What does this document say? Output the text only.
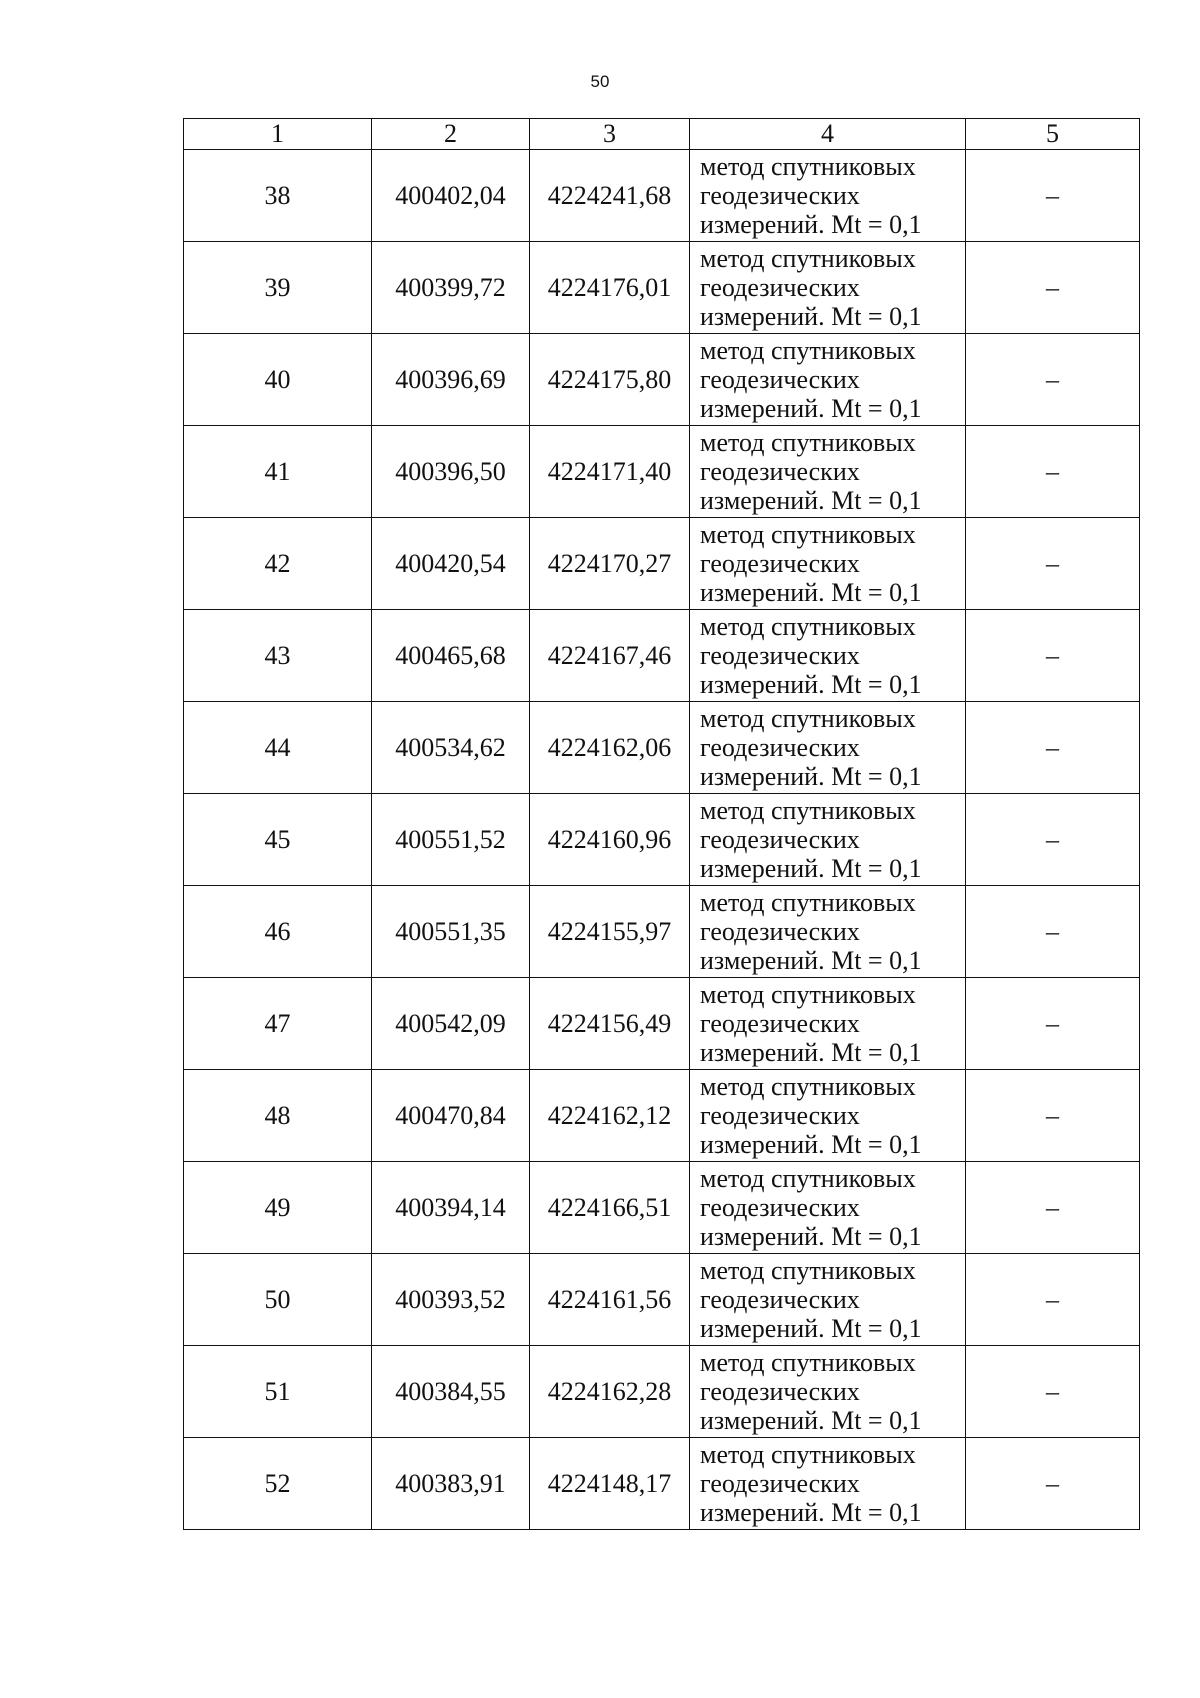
50
1	2	3	4	5
38	400402,04	4224241,68	метод спутниковых
геодезических
измерений. Mt = 0,1	–
39	400399,72	4224176,01	метод спутниковых
геодезических
измерений. Mt = 0,1	–
40	400396,69	4224175,80	метод спутниковых
геодезических
измерений. Mt = 0,1	–
41	400396,50	4224171,40	метод спутниковых
геодезических
измерений. Mt = 0,1	–
42	400420,54	4224170,27	метод спутниковых
геодезических
измерений. Mt = 0,1	–
43	400465,68	4224167,46	метод спутниковых
геодезических
измерений. Mt = 0,1	–
44	400534,62	4224162,06	метод спутниковых
геодезических
измерений. Mt = 0,1	–
45	400551,52	4224160,96	метод спутниковых
геодезических
измерений. Mt = 0,1	–
46	400551,35	4224155,97	метод спутниковых
геодезических
измерений. Mt = 0,1	–
47	400542,09	4224156,49	метод спутниковых
геодезических
измерений. Mt = 0,1	–
48	400470,84	4224162,12	метод спутниковых
геодезических
измерений. Mt = 0,1	–
49	400394,14	4224166,51	метод спутниковых
геодезических
измерений. Mt = 0,1	–
50	400393,52	4224161,56	метод спутниковых
геодезических
измерений. Mt = 0,1	–
51	400384,55	4224162,28	метод спутниковых
геодезических
измерений. Mt = 0,1	–
52	400383,91	4224148,17	метод спутниковых
геодезических
измерений. Mt = 0,1	–
